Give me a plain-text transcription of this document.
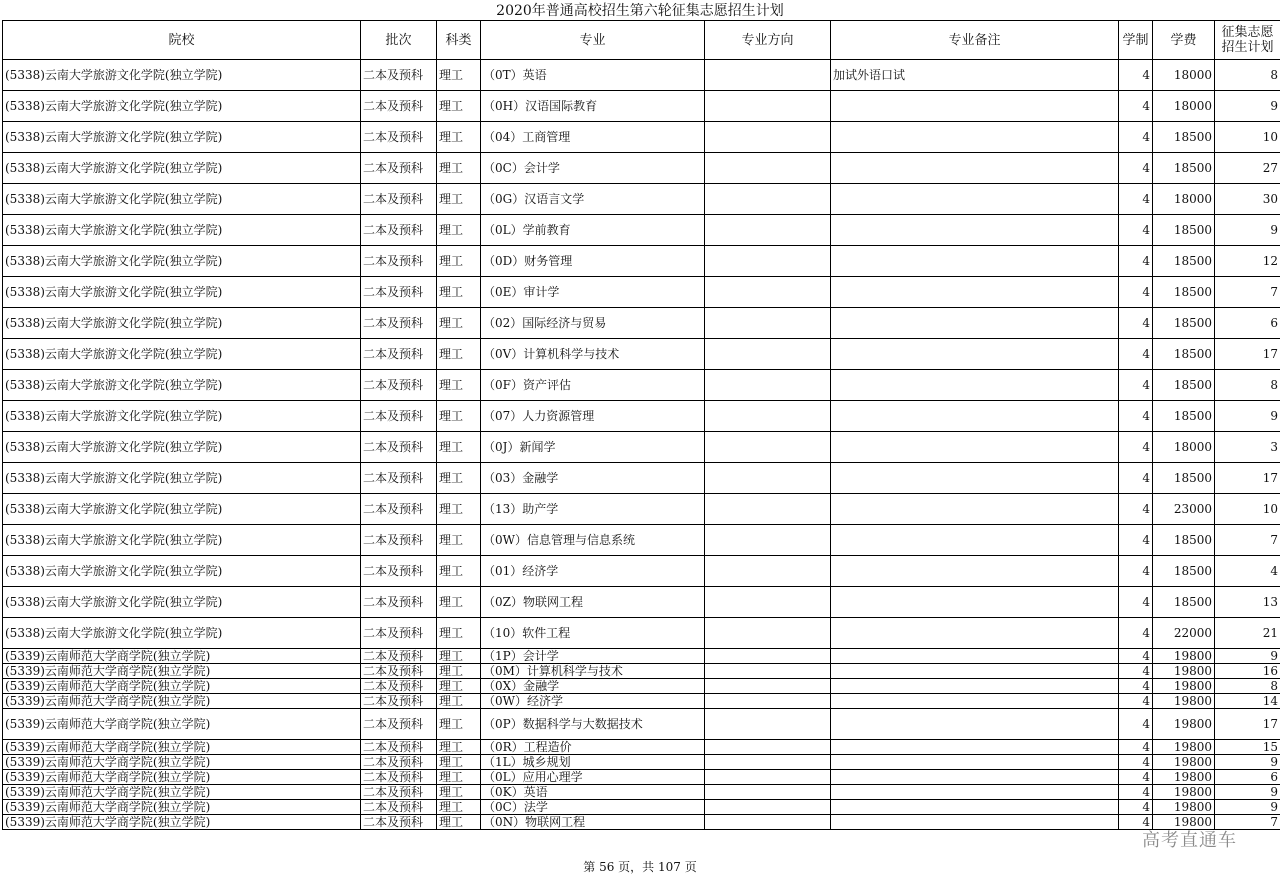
2020年普通高校招生第六轮征集志愿招生计划
院校	批次	科类	专业	专业方向	专业备注	学制	学费	征集志愿招生计划
(5338)云南大学旅游文化学院(独立学院)	二本及预科	理工	（0T）英语		加试外语口试	4	18000	8
(5338)云南大学旅游文化学院(独立学院)	二本及预科	理工	（0H）汉语国际教育			4	18000	9
(5338)云南大学旅游文化学院(独立学院)	二本及预科	理工	（04）工商管理			4	18500	10
(5338)云南大学旅游文化学院(独立学院)	二本及预科	理工	（0C）会计学			4	18500	27
(5338)云南大学旅游文化学院(独立学院)	二本及预科	理工	（0G）汉语言文学			4	18000	30
(5338)云南大学旅游文化学院(独立学院)	二本及预科	理工	（0L）学前教育			4	18500	9
(5338)云南大学旅游文化学院(独立学院)	二本及预科	理工	（0D）财务管理			4	18500	12
(5338)云南大学旅游文化学院(独立学院)	二本及预科	理工	（0E）审计学			4	18500	7
(5338)云南大学旅游文化学院(独立学院)	二本及预科	理工	（02）国际经济与贸易			4	18500	6
(5338)云南大学旅游文化学院(独立学院)	二本及预科	理工	（0V）计算机科学与技术			4	18500	17
(5338)云南大学旅游文化学院(独立学院)	二本及预科	理工	（0F）资产评估			4	18500	8
(5338)云南大学旅游文化学院(独立学院)	二本及预科	理工	（07）人力资源管理			4	18500	9
(5338)云南大学旅游文化学院(独立学院)	二本及预科	理工	（0J）新闻学			4	18000	3
(5338)云南大学旅游文化学院(独立学院)	二本及预科	理工	（03）金融学			4	18500	17
(5338)云南大学旅游文化学院(独立学院)	二本及预科	理工	（13）助产学			4	23000	10
(5338)云南大学旅游文化学院(独立学院)	二本及预科	理工	（0W）信息管理与信息系统			4	18500	7
(5338)云南大学旅游文化学院(独立学院)	二本及预科	理工	（01）经济学			4	18500	4
(5338)云南大学旅游文化学院(独立学院)	二本及预科	理工	（0Z）物联网工程			4	18500	13
(5338)云南大学旅游文化学院(独立学院)	二本及预科	理工	（10）软件工程			4	22000	21
(5339)云南师范大学商学院(独立学院)	二本及预科	理工	（1P）会计学			4	19800	9
(5339)云南师范大学商学院(独立学院)	二本及预科	理工	（0M）计算机科学与技术			4	19800	16
(5339)云南师范大学商学院(独立学院)	二本及预科	理工	（0X）金融学			4	19800	8
(5339)云南师范大学商学院(独立学院)	二本及预科	理工	（0W）经济学			4	19800	14
(5339)云南师范大学商学院(独立学院)	二本及预科	理工	（0P）数据科学与大数据技术			4	19800	17
(5339)云南师范大学商学院(独立学院)	二本及预科	理工	（0R）工程造价			4	19800	15
(5339)云南师范大学商学院(独立学院)	二本及预科	理工	（1L）城乡规划			4	19800	9
(5339)云南师范大学商学院(独立学院)	二本及预科	理工	（0L）应用心理学			4	19800	6
(5339)云南师范大学商学院(独立学院)	二本及预科	理工	（0K）英语			4	19800	9
(5339)云南师范大学商学院(独立学院)	二本及预科	理工	（0C）法学			4	19800	9
(5339)云南师范大学商学院(独立学院)	二本及预科	理工	（0N）物联网工程			4	19800	7
第 56 页，共 107 页
高考直通车
